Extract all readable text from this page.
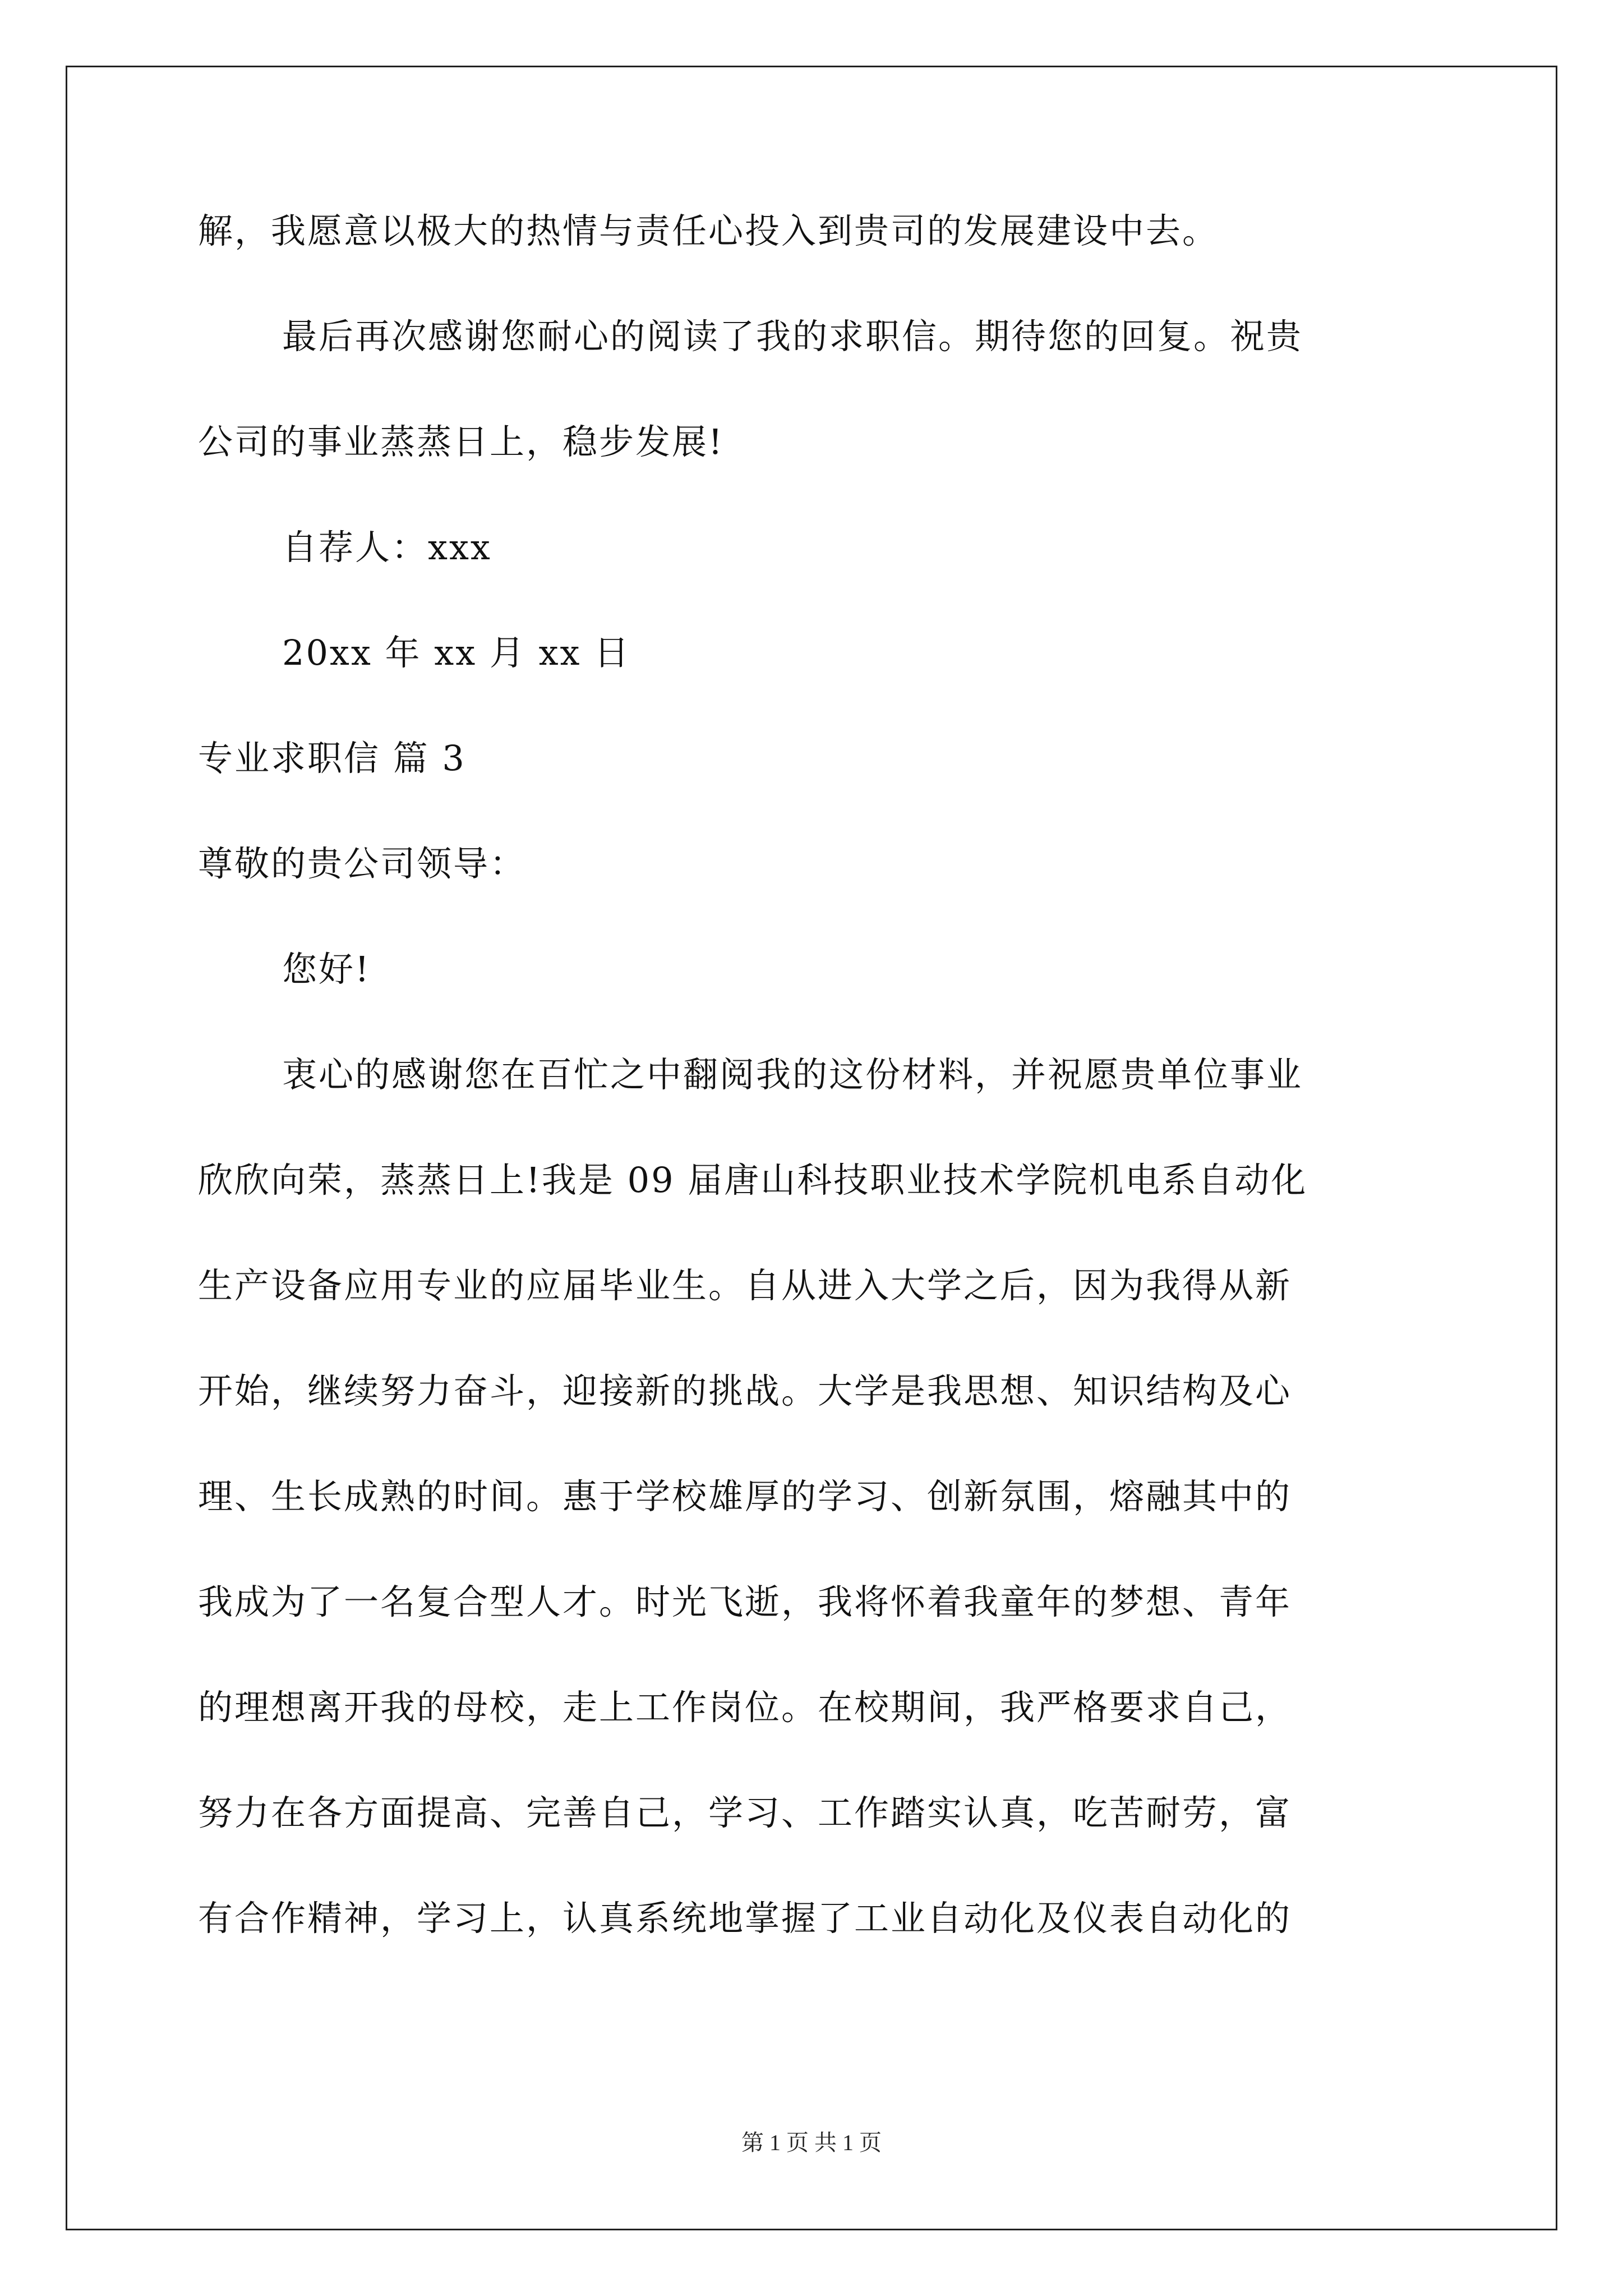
解，我愿意以极大的热情与责任心投入到贵司的发展建设中去。
最后再次感谢您耐心的阅读了我的求职信。期待您的回复。祝贵
公司的事业蒸蒸日上，稳步发展!
自荐人：xxx
20xx 年 xx 月 xx 日
专业求职信 篇 3
尊敬的贵公司领导：
您好!
衷心的感谢您在百忙之中翻阅我的这份材料，并祝愿贵单位事业
欣欣向荣，蒸蒸日上!我是 09 届唐山科技职业技术学院机电系自动化
生产设备应用专业的应届毕业生。自从进入大学之后，因为我得从新
开始，继续努力奋斗，迎接新的挑战。大学是我思想、知识结构及心
理、生长成熟的时间。惠于学校雄厚的学习、创新氛围，熔融其中的
我成为了一名复合型人才。时光飞逝，我将怀着我童年的梦想、青年
的理想离开我的母校，走上工作岗位。在校期间，我严格要求自己，
努力在各方面提高、完善自己，学习、工作踏实认真，吃苦耐劳，富
有合作精神，学习上，认真系统地掌握了工业自动化及仪表自动化的
第 1 页 共 1 页
